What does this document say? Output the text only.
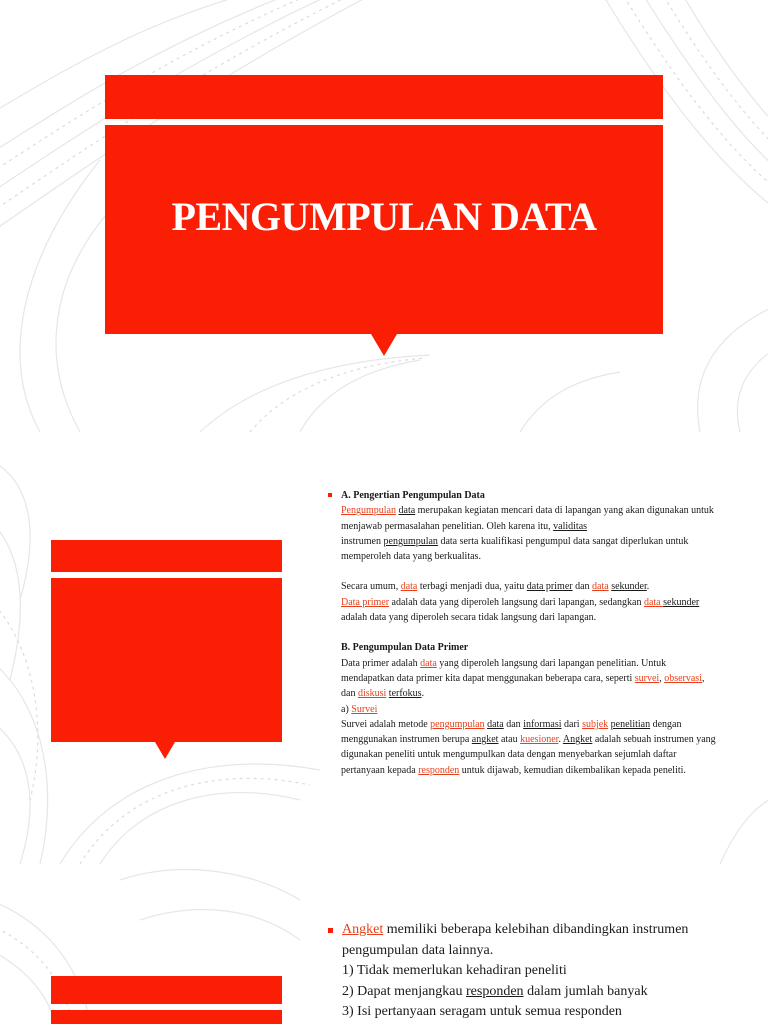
PENGUMPULAN DATA

A. Pengertian Pengumpulan Data

Pengumpulan data merupakan kegiatan mencari data di lapangan yang akan digunakan untuk menjawab permasalahan penelitian. Oleh karena itu, validitas
instrumen pengumpulan data serta kualifikasi pengumpul data sangat diperlukan untuk memperoleh data yang berkualitas.

Secara umum, data terbagi menjadi dua, yaitu data primer dan data sekunder.
Data primer adalah data yang diperoleh langsung dari lapangan, sedangkan data sekunder adalah data yang diperoleh secara tidak langsung dari lapangan.

B. Pengumpulan Data Primer

Data primer adalah data yang diperoleh langsung dari lapangan penelitian. Untuk mendapatkan data primer kita dapat menggunakan beberapa cara, seperti survei, observasi, dan diskusi terfokus.

a) Survei

Survei adalah metode pengumpulan data dan informasi dari subjek penelitian dengan menggunakan instrumen berupa angket atau kuesioner. Angket adalah sebuah instrumen yang digunakan peneliti untuk mengumpulkan data dengan menyebarkan sejumlah daftar pertanyaan kepada responden untuk dijawab, kemudian dikembalikan kepada peneliti.

Angket memiliki beberapa kelebihan dibandingkan instrumen pengumpulan data lainnya.

1) Tidak memerlukan kehadiran peneliti

2) Dapat menjangkau responden dalam jumlah banyak

3) Isi pertanyaan seragam untuk semua responden
